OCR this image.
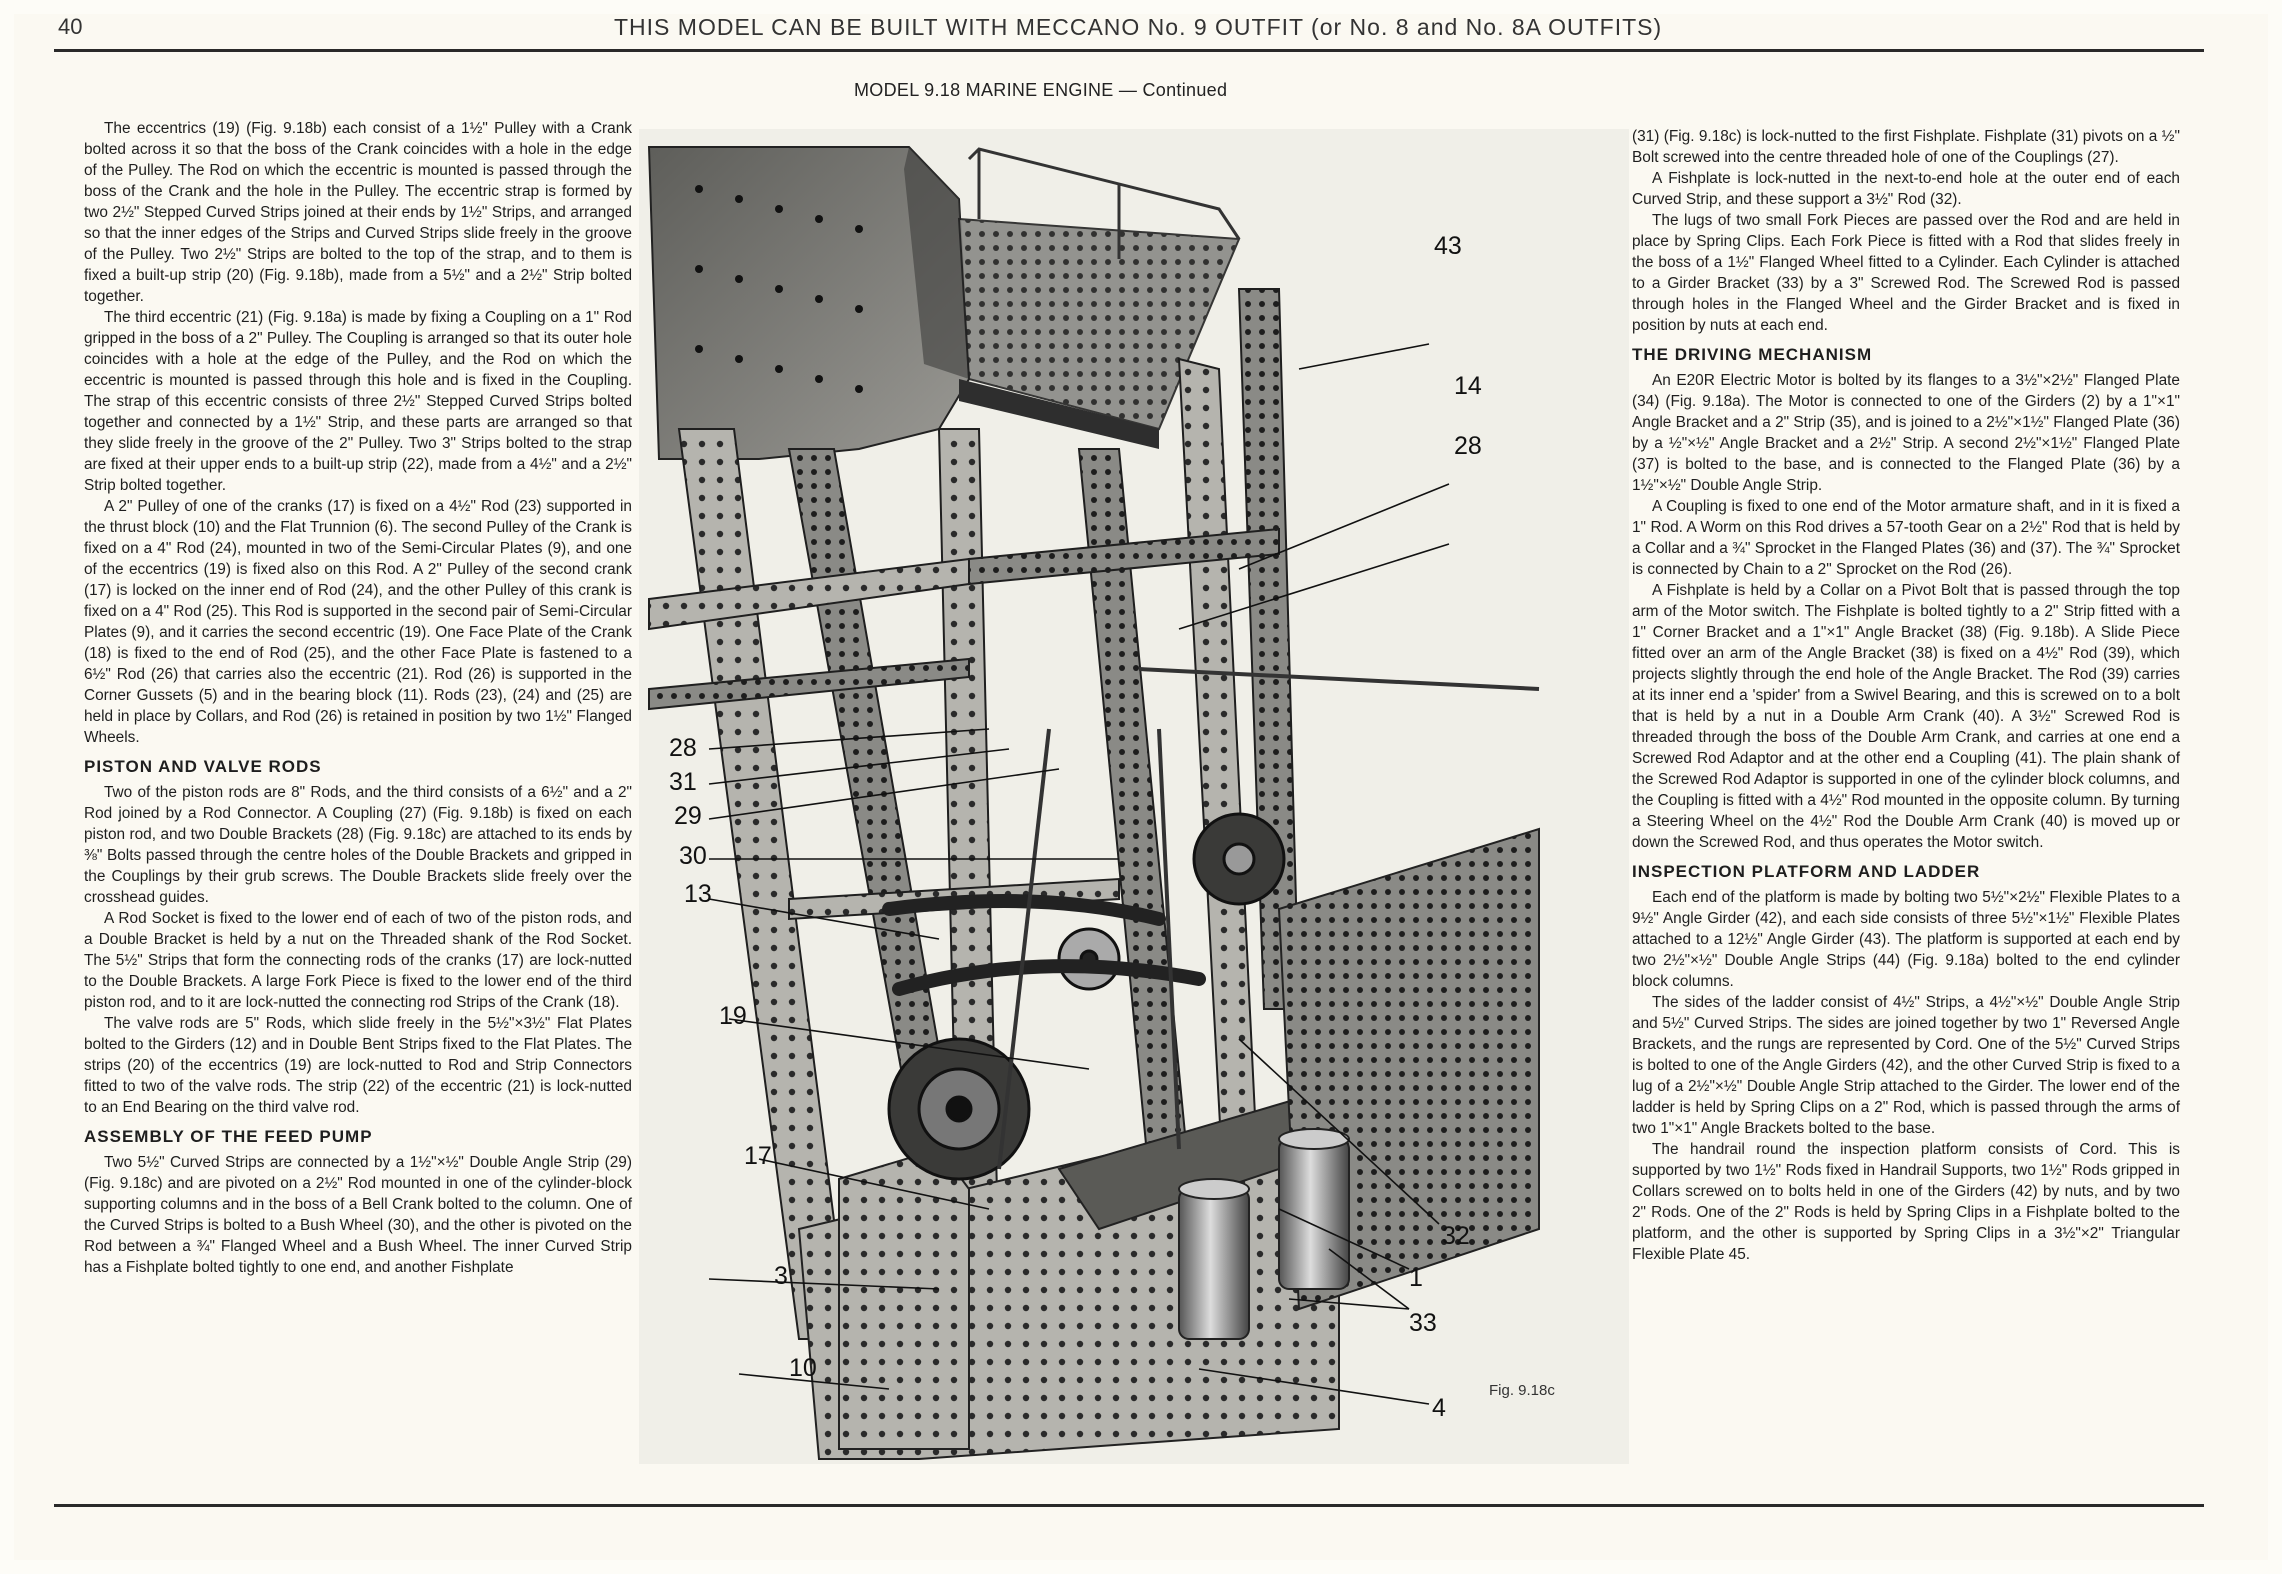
40	THIS MODEL CAN BE BUILT WITH MECCANO No. 9 OUTFIT (or No. 8 and No. 8A OUTFITS)
MODEL 9.18 MARINE ENGINE — Continued

The eccentrics (19) (Fig. 9.18b) each consist of a 1½" Pulley with a Crank bolted across it so that the boss of the Crank coincides with a hole in the edge of the Pulley. The Rod on which the eccentric is mounted is passed through the boss of the Crank and the hole in the Pulley. The eccentric strap is formed by two 2½" Stepped Curved Strips joined at their ends by 1½" Strips, and arranged so that the inner edges of the Strips and Curved Strips slide freely in the groove of the Pulley. Two 2½" Strips are bolted to the top of the strap, and to them is fixed a built-up strip (20) (Fig. 9.18b), made from a 5½" and a 2½" Strip bolted together.

The third eccentric (21) (Fig. 9.18a) is made by fixing a Coupling on a 1" Rod gripped in the boss of a 2" Pulley. The Coupling is arranged so that its outer hole coincides with a hole at the edge of the Pulley, and the Rod on which the eccentric is mounted is passed through this hole and is fixed in the Coupling. The strap of this eccentric consists of three 2½" Stepped Curved Strips bolted together and connected by a 1½" Strip, and these parts are arranged so that they slide freely in the groove of the 2" Pulley. Two 3" Strips bolted to the strap are fixed at their upper ends to a built-up strip (22), made from a 4½" and a 2½" Strip bolted together.

A 2" Pulley of one of the cranks (17) is fixed on a 4½" Rod (23) supported in the thrust block (10) and the Flat Trunnion (6). The second Pulley of the Crank is fixed on a 4" Rod (24), mounted in two of the Semi-Circular Plates (9), and one of the eccentrics (19) is fixed also on this Rod. A 2" Pulley of the second crank (17) is locked on the inner end of Rod (24), and the other Pulley of this crank is fixed on a 4" Rod (25). This Rod is supported in the second pair of Semi-Circular Plates (9), and it carries the second eccentric (19). One Face Plate of the Crank (18) is fixed to the end of Rod (25), and the other Face Plate is fastened to a 6½" Rod (26) that carries also the eccentric (21). Rod (26) is supported in the Corner Gussets (5) and in the bearing block (11). Rods (23), (24) and (25) are held in place by Collars, and Rod (26) is retained in position by two 1½" Flanged Wheels.

PISTON AND VALVE RODS

Two of the piston rods are 8" Rods, and the third consists of a 6½" and a 2" Rod joined by a Rod Connector. A Coupling (27) (Fig. 9.18b) is fixed on each piston rod, and two Double Brackets (28) (Fig. 9.18c) are attached to its ends by ⅜" Bolts passed through the centre holes of the Double Brackets and gripped in the Couplings by their grub screws. The Double Brackets slide freely over the crosshead guides.

A Rod Socket is fixed to the lower end of each of two of the piston rods, and a Double Bracket is held by a nut on the Threaded shank of the Rod Socket. The 5½" Strips that form the connecting rods of the cranks (17) are lock-nutted to the Double Brackets. A large Fork Piece is fixed to the lower end of the third piston rod, and to it are lock-nutted the connecting rod Strips of the Crank (18).

The valve rods are 5" Rods, which slide freely in the 5½"×3½" Flat Plates bolted to the Girders (12) and in Double Bent Strips fixed to the Flat Plates. The strips (20) of the eccentrics (19) are lock-nutted to Rod and Strip Connectors fitted to two of the valve rods. The strip (22) of the eccentric (21) is lock-nutted to an End Bearing on the third valve rod.

ASSEMBLY OF THE FEED PUMP

Two 5½" Curved Strips are connected by a 1½"×½" Double Angle Strip (29) (Fig. 9.18c) and are pivoted on a 2½" Rod mounted in one of the cylinder-block supporting columns and in the boss of a Bell Crank bolted to the column. One of the Curved Strips is bolted to a Bush Wheel (30), and the other is pivoted on the Rod between a ¾" Flanged Wheel and a Bush Wheel. The inner Curved Strip has a Fishplate bolted tightly to one end, and another Fishplate

43
14
28
28
31
29
30
13
19
17
3
10
4
32
1
33
Fig. 9.18c

(31) (Fig. 9.18c) is lock-nutted to the first Fishplate. Fishplate (31) pivots on a ½" Bolt screwed into the centre threaded hole of one of the Couplings (27).

A Fishplate is lock-nutted in the next-to-end hole at the outer end of each Curved Strip, and these support a 3½" Rod (32).

The lugs of two small Fork Pieces are passed over the Rod and are held in place by Spring Clips. Each Fork Piece is fitted with a Rod that slides freely in the boss of a 1½" Flanged Wheel fitted to a Cylinder. Each Cylinder is attached to a Girder Bracket (33) by a 3" Screwed Rod. The Screwed Rod is passed through holes in the Flanged Wheel and the Girder Bracket and is fixed in position by nuts at each end.

THE DRIVING MECHANISM

An E20R Electric Motor is bolted by its flanges to a 3½"×2½" Flanged Plate (34) (Fig. 9.18a). The Motor is connected to one of the Girders (2) by a 1"×1" Angle Bracket and a 2" Strip (35), and is joined to a 2½"×1½" Flanged Plate (36) by a ½"×½" Angle Bracket and a 2½" Strip. A second 2½"×1½" Flanged Plate (37) is bolted to the base, and is connected to the Flanged Plate (36) by a 1½"×½" Double Angle Strip.

A Coupling is fixed to one end of the Motor armature shaft, and in it is fixed a 1" Rod. A Worm on this Rod drives a 57-tooth Gear on a 2½" Rod that is held by a Collar and a ¾" Sprocket in the Flanged Plates (36) and (37). The ¾" Sprocket is connected by Chain to a 2" Sprocket on the Rod (26).

A Fishplate is held by a Collar on a Pivot Bolt that is passed through the top arm of the Motor switch. The Fishplate is bolted tightly to a 2" Strip fitted with a 1" Corner Bracket and a 1"×1" Angle Bracket (38) (Fig. 9.18b). A Slide Piece fitted over an arm of the Angle Bracket (38) is fixed on a 4½" Rod (39), which projects slightly through the end hole of the Angle Bracket. The Rod (39) carries at its inner end a 'spider' from a Swivel Bearing, and this is screwed on to a bolt that is held by a nut in a Double Arm Crank (40). A 3½" Screwed Rod is threaded through the boss of the Double Arm Crank, and carries at one end a Screwed Rod Adaptor and at the other end a Coupling (41). The plain shank of the Screwed Rod Adaptor is supported in one of the cylinder block columns, and the Coupling is fitted with a 4½" Rod mounted in the opposite column. By turning a Steering Wheel on the 4½" Rod the Double Arm Crank (40) is moved up or down the Screwed Rod, and thus operates the Motor switch.

INSPECTION PLATFORM AND LADDER

Each end of the platform is made by bolting two 5½"×2½" Flexible Plates to a 9½" Angle Girder (42), and each side consists of three 5½"×1½" Flexible Plates attached to a 12½" Angle Girder (43). The platform is supported at each end by two 2½"×½" Double Angle Strips (44) (Fig. 9.18a) bolted to the end cylinder block columns.

The sides of the ladder consist of 4½" Strips, a 4½"×½" Double Angle Strip and 5½" Curved Strips. The sides are joined together by two 1" Reversed Angle Brackets, and the rungs are represented by Cord. One of the 5½" Curved Strips is bolted to one of the Angle Girders (42), and the other Curved Strip is fixed to a lug of a 2½"×½" Double Angle Strip attached to the Girder. The lower end of the ladder is held by Spring Clips on a 2" Rod, which is passed through the arms of two 1"×1" Angle Brackets bolted to the base.

The handrail round the inspection platform consists of Cord. This is supported by two 1½" Rods fixed in Handrail Supports, two 1½" Rods gripped in Collars screwed on to bolts held in one of the Girders (42) by nuts, and by two 2" Rods. One of the 2" Rods is held by Spring Clips in a Fishplate bolted to the platform, and the other is supported by Spring Clips in a 3½"×2" Triangular Flexible Plate 45.
